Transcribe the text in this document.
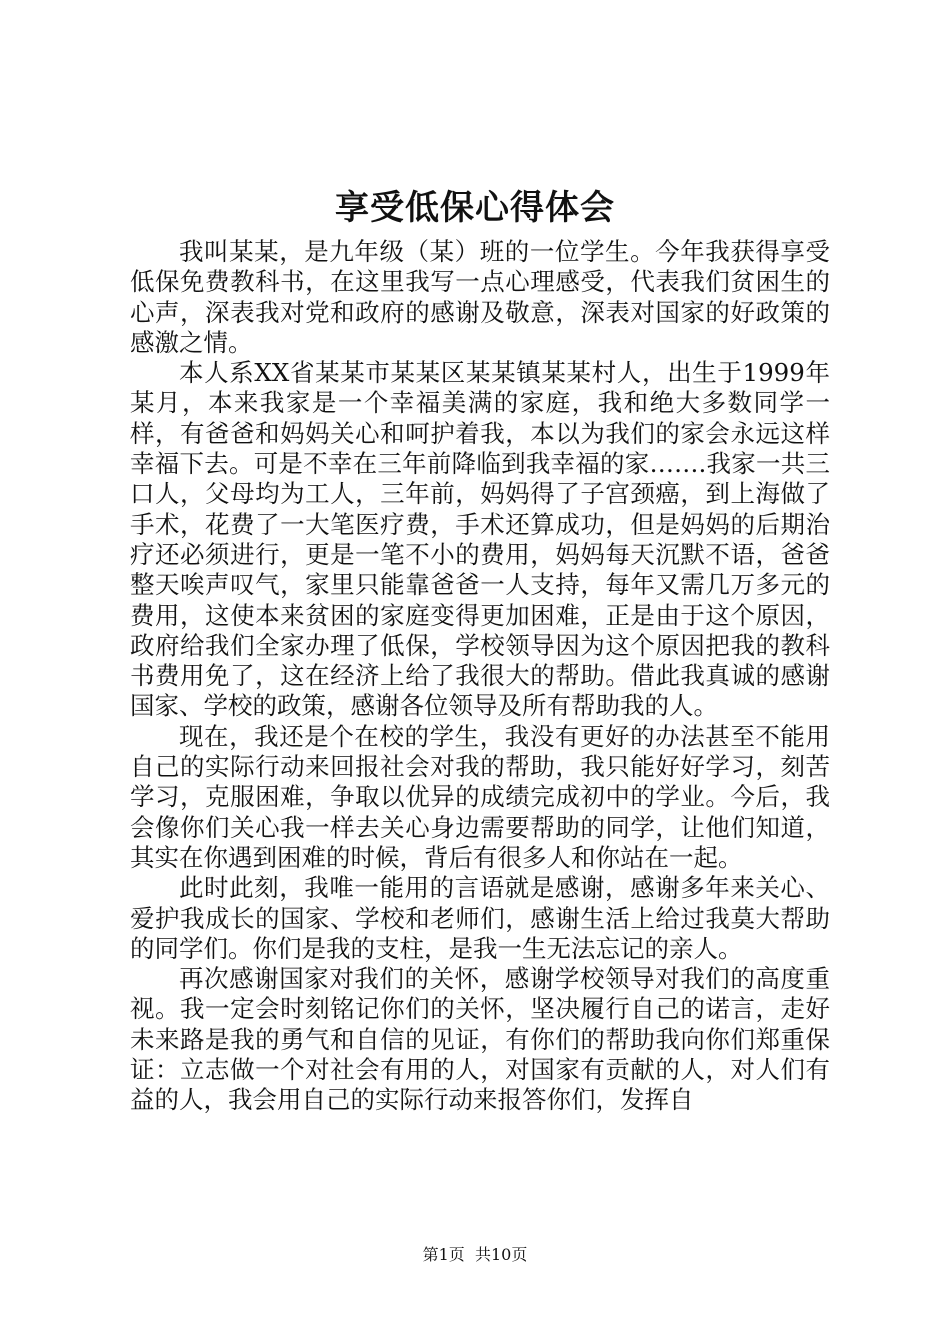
享受低保心得体会

我叫某某，是九年级（某）班的一位学生。今年我获得享受低保免费教科书，在这里我写一点心理感受，代表我们贫困生的心声，深表我对党和政府的感谢及敬意，深表对国家的好政策的感激之情。

本人系XX省某某市某某区某某镇某某村人，出生于1999年某月，本来我家是一个幸福美满的家庭，我和绝大多数同学一样，有爸爸和妈妈关心和呵护着我，本以为我们的家会永远这样幸福下去。可是不幸在三年前降临到我幸福的家…….我家一共三口人，父母均为工人，三年前，妈妈得了子宫颈癌，到上海做了手术，花费了一大笔医疗费，手术还算成功，但是妈妈的后期治疗还必须进行，更是一笔不小的费用，妈妈每天沉默不语，爸爸整天唉声叹气，家里只能靠爸爸一人支持，每年又需几万多元的费用，这使本来贫困的家庭变得更加困难，正是由于这个原因，政府给我们全家办理了低保，学校领导因为这个原因把我的教科书费用免了，这在经济上给了我很大的帮助。借此我真诚的感谢国家、学校的政策，感谢各位领导及所有帮助我的人。

现在，我还是个在校的学生，我没有更好的办法甚至不能用自己的实际行动来回报社会对我的帮助，我只能好好学习，刻苦学习，克服困难，争取以优异的成绩完成初中的学业。今后，我会像你们关心我一样去关心身边需要帮助的同学，让他们知道，其实在你遇到困难的时候，背后有很多人和你站在一起。

此时此刻，我唯一能用的言语就是感谢，感谢多年来关心、爱护我成长的国家、学校和老师们，感谢生活上给过我莫大帮助的同学们。你们是我的支柱，是我一生无法忘记的亲人。

再次感谢国家对我们的关怀，感谢学校领导对我们的高度重视。我一定会时刻铭记你们的关怀，坚决履行自己的诺言，走好未来路是我的勇气和自信的见证，有你们的帮助我向你们郑重保证：立志做一个对社会有用的人，对国家有贡献的人，对人们有益的人，我会用自己的实际行动来报答你们，发挥自

第1页 共10页
